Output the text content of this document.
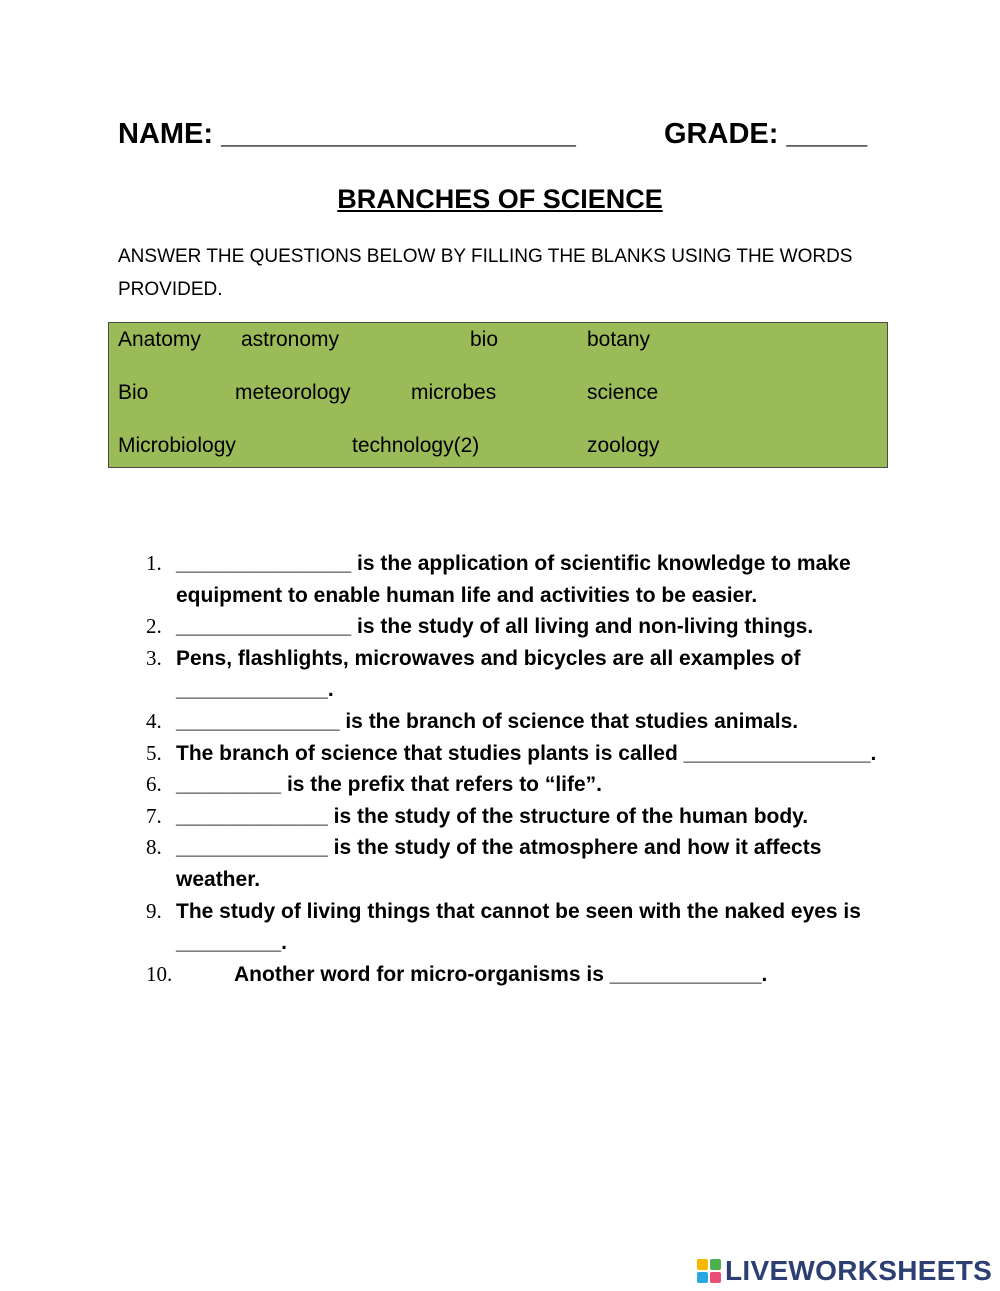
NAME: ______________________	GRADE: _____
BRANCHES OF SCIENCE
ANSWER THE QUESTIONS BELOW BY FILLING THE BLANKS USING THE WORDS PROVIDED.
Anatomy astronomy	bio	botany
Bio	meteorology	microbes	science
Microbiology	technology(2)	zoology
1. _______________ is the application of scientific knowledge to make equipment to enable human life and activities to be easier.
2. _______________ is the study of all living and non-living things.
3. Pens, flashlights, microwaves and bicycles are all examples of _____________.
4. ______________ is the branch of science that studies animals.
5. The branch of science that studies plants is called ________________.
6. _________ is the prefix that refers to “life”.
7. _____________ is the study of the structure of the human body.
8. _____________ is the study of the atmosphere and how it affects weather.
9. The study of living things that cannot be seen with the naked eyes is _________.
10.	Another word for micro-organisms is _____________.
LIVEWORKSHEETS
